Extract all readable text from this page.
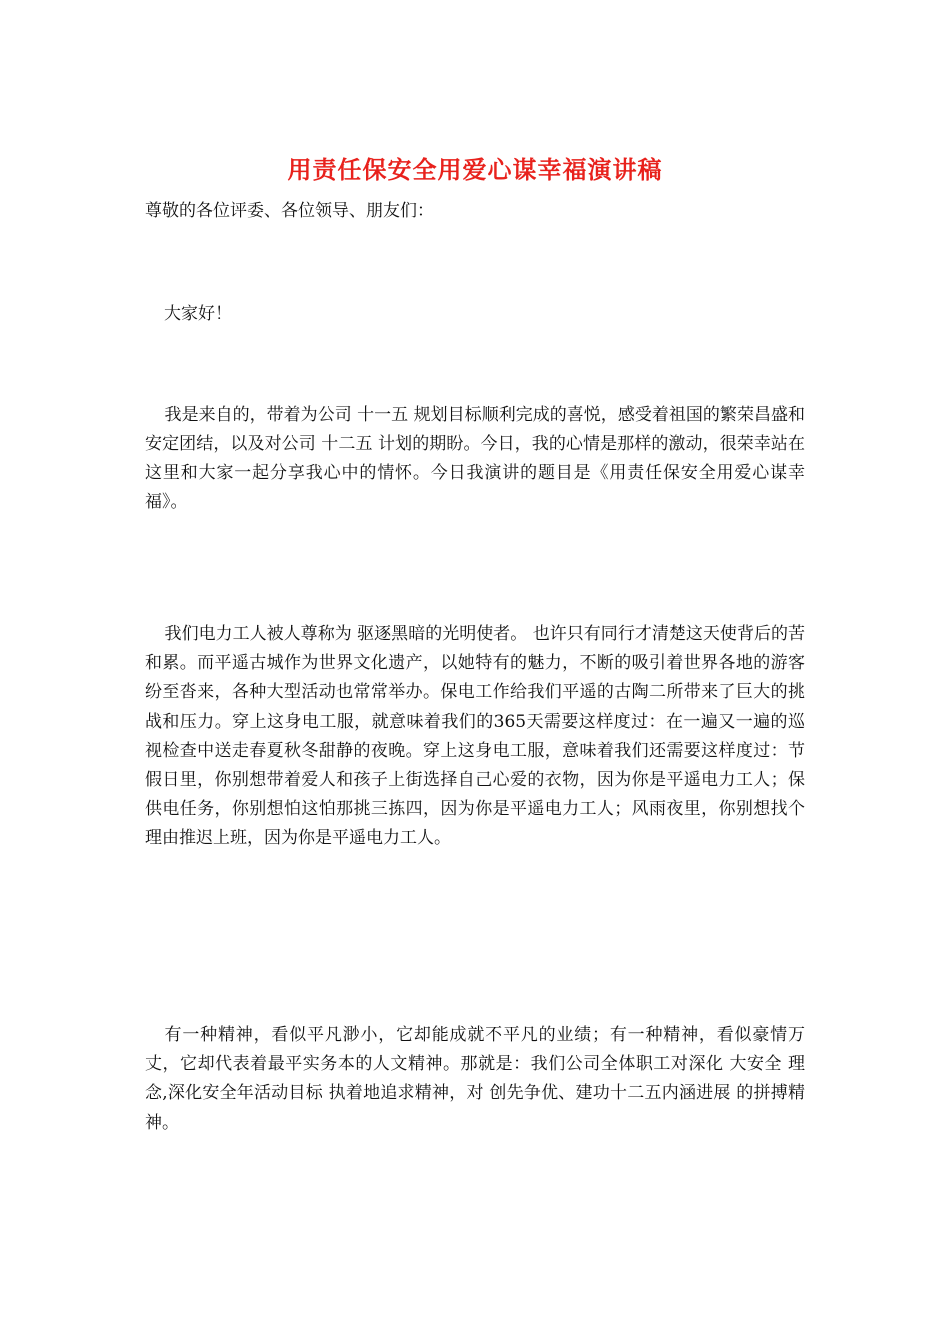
用责任保安全用爱心谋幸福演讲稿

尊敬的各位评委、各位领导、朋友们：

大家好！

我是来自的，带着为公司 十一五 规划目标顺利完成的喜悦，感受着祖国的繁荣昌盛和安定团结，以及对公司 十二五 计划的期盼。今日，我的心情是那样的激动，很荣幸站在这里和大家一起分享我心中的情怀。今日我演讲的题目是《用责任保安全用爱心谋幸福》。

我们电力工人被人尊称为 驱逐黑暗的光明使者。 也许只有同行才清楚这天使背后的苦和累。而平遥古城作为世界文化遗产，以她特有的魅力，不断的吸引着世界各地的游客纷至沓来，各种大型活动也常常举办。保电工作给我们平遥的古陶二所带来了巨大的挑战和压力。穿上这身电工服，就意味着我们的365天需要这样度过：在一遍又一遍的巡视检查中送走春夏秋冬甜静的夜晚。穿上这身电工服，意味着我们还需要这样度过：节假日里，你别想带着爱人和孩子上街选择自己心爱的衣物，因为你是平遥电力工人；保供电任务，你别想怕这怕那挑三拣四，因为你是平遥电力工人；风雨夜里，你别想找个理由推迟上班，因为你是平遥电力工人。

有一种精神，看似平凡渺小，它却能成就不平凡的业绩；有一种精神，看似豪情万丈，它却代表着最平实务本的人文精神。那就是：我们公司全体职工对深化 大安全 理念,深化安全年活动目标 执着地追求精神，对 创先争优、建功十二五内涵进展 的拼搏精神。
